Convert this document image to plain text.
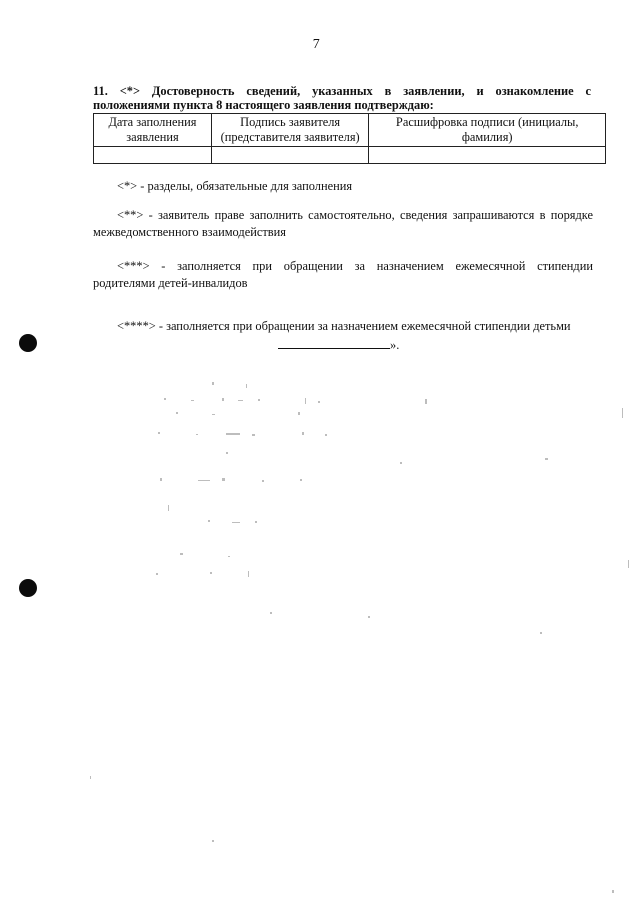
7
11. <*> Достоверность сведений, указанных в заявлении, и ознакомление с
положениями пункта 8 настоящего заявления подтверждаю:
Дата заполнения заявления	Подпись заявителя (представителя заявителя)	Расшифровка подписи (инициалы, фамилия)

<*> - разделы, обязательные для заполнения
<**> - заявитель праве заполнить самостоятельно, сведения запрашиваются в порядке межведомственного взаимодействия
<***> - заполняется при обращении за назначением ежемесячной стипендии
родителями детей-инвалидов
<****> - заполняется при обращении за назначением ежемесячной стипендии детьми
».
